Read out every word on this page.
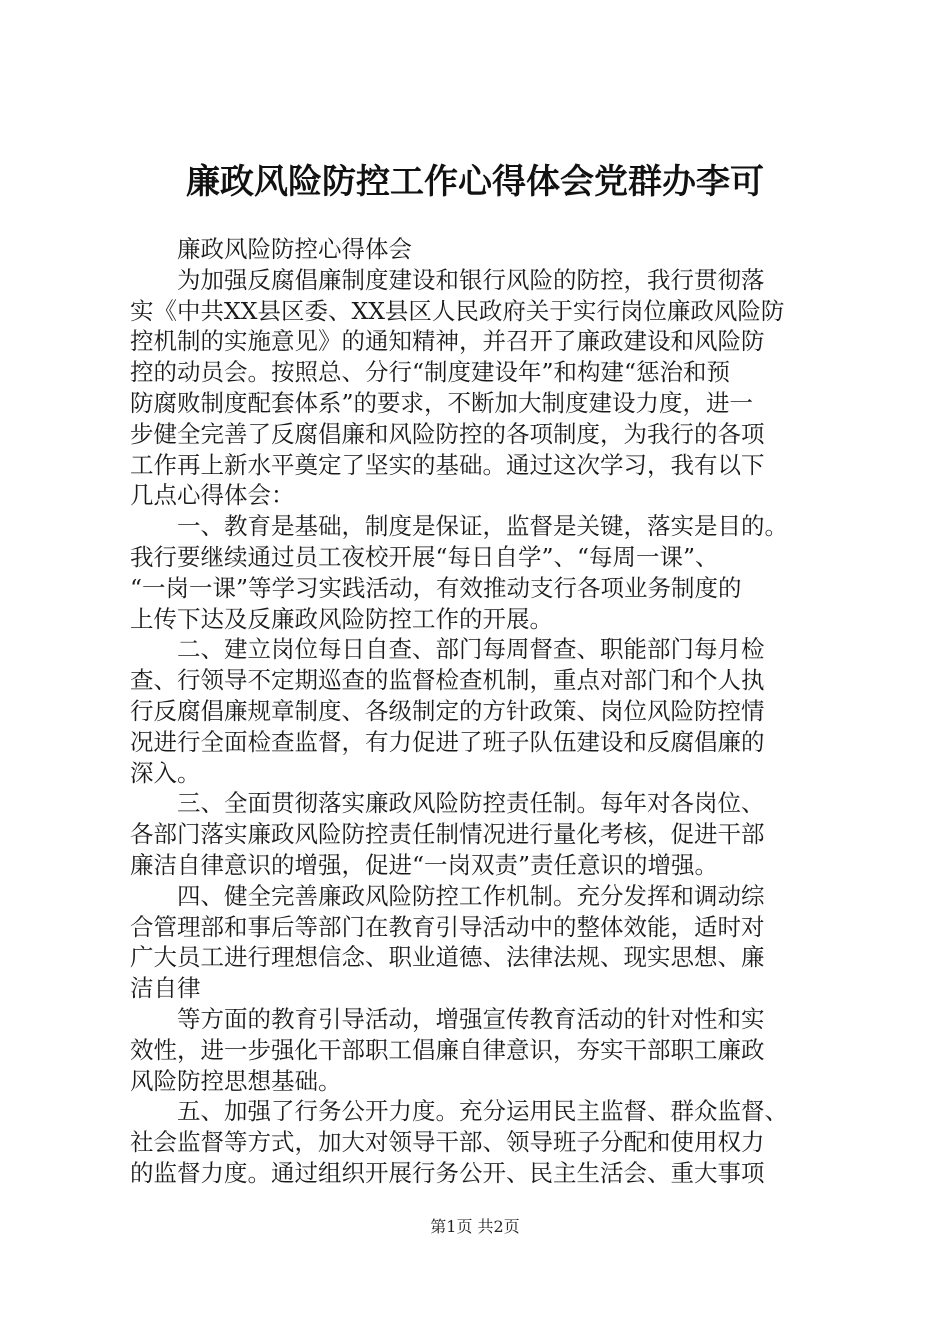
廉政风险防控工作心得体会党群办李可
　　廉政风险防控心得体会
　　为加强反腐倡廉制度建设和银行风险的防控，我行贯彻落
实《中共XX县区委、XX县区人民政府关于实行岗位廉政风险防
控机制的实施意见》的通知精神，并召开了廉政建设和风险防
控的动员会。按照总、分行“制度建设年”和构建“惩治和预
防腐败制度配套体系”的要求，不断加大制度建设力度，进一
步健全完善了反腐倡廉和风险防控的各项制度，为我行的各项
工作再上新水平奠定了坚实的基础。通过这次学习，我有以下
几点心得体会：
　　一、教育是基础，制度是保证，监督是关键，落实是目的。
我行要继续通过员工夜校开展“每日自学”、“每周一课”、
“一岗一课”等学习实践活动，有效推动支行各项业务制度的
上传下达及反廉政风险防控工作的开展。
　　二、建立岗位每日自查、部门每周督查、职能部门每月检
查、行领导不定期巡查的监督检查机制，重点对部门和个人执
行反腐倡廉规章制度、各级制定的方针政策、岗位风险防控情
况进行全面检查监督，有力促进了班子队伍建设和反腐倡廉的
深入。
　　三、全面贯彻落实廉政风险防控责任制。每年对各岗位、
各部门落实廉政风险防控责任制情况进行量化考核，促进干部
廉洁自律意识的增强，促进“一岗双责”责任意识的增强。
　　四、健全完善廉政风险防控工作机制。充分发挥和调动综
合管理部和事后等部门在教育引导活动中的整体效能，适时对
广大员工进行理想信念、职业道德、法律法规、现实思想、廉
洁自律
　　等方面的教育引导活动，增强宣传教育活动的针对性和实
效性，进一步强化干部职工倡廉自律意识，夯实干部职工廉政
风险防控思想基础。
　　五、加强了行务公开力度。充分运用民主监督、群众监督、
社会监督等方式，加大对领导干部、领导班子分配和使用权力
的监督力度。通过组织开展行务公开、民主生活会、重大事项
第1页 共2页
